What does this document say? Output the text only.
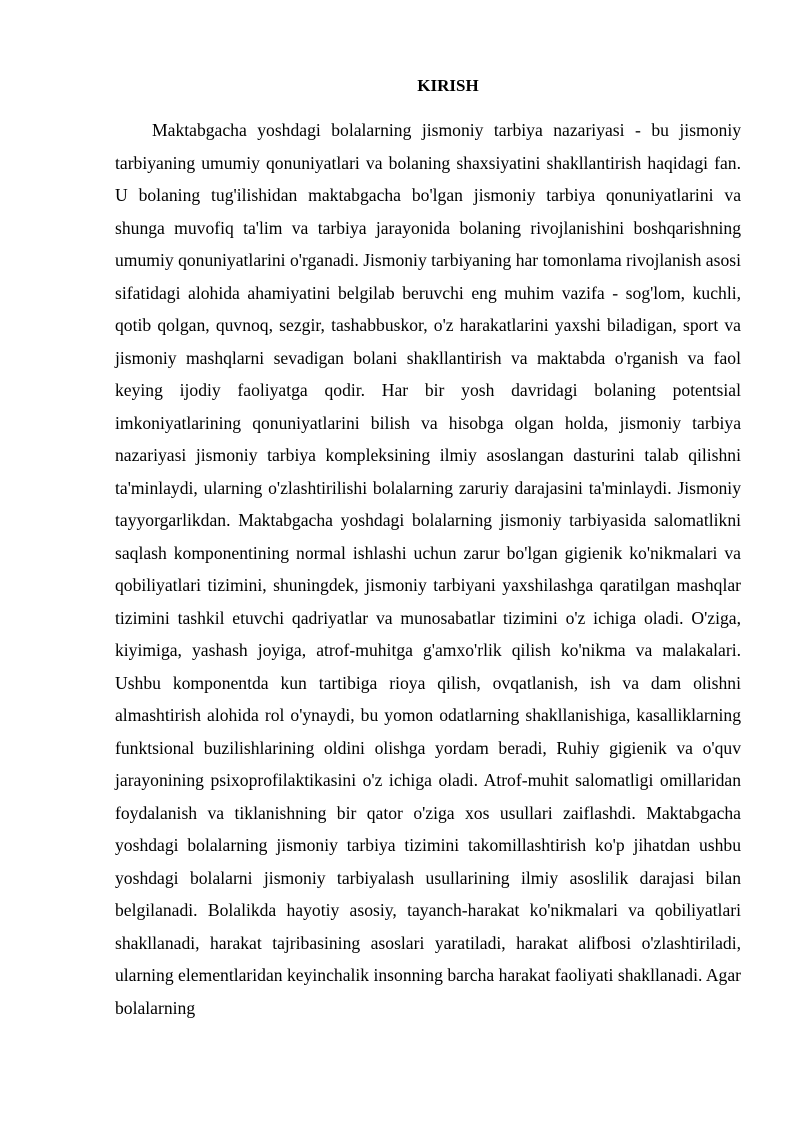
KIRISH

Maktabgacha yoshdagi bolalarning jismoniy tarbiya nazariyasi - bu jismoniy tarbiyaning umumiy qonuniyatlari va bolaning shaxsiyatini shakllantirish haqidagi fan. U bolaning tug'ilishidan maktabgacha bo'lgan jismoniy tarbiya qonuniyatlarini va shunga muvofiq ta'lim va tarbiya jarayonida bolaning rivojlanishini boshqarishning umumiy qonuniyatlarini o'rganadi. Jismoniy tarbiyaning har tomonlama rivojlanish asosi sifatidagi alohida ahamiyatini belgilab beruvchi eng muhim vazifa - sog'lom, kuchli, qotib qolgan, quvnoq, sezgir, tashabbuskor, o'z harakatlarini yaxshi biladigan, sport va jismoniy mashqlarni sevadigan bolani shakllantirish va maktabda o'rganish va faol keying ijodiy faoliyatga qodir. Har bir yosh davridagi bolaning potentsial imkoniyatlarining qonuniyatlarini bilish va hisobga olgan holda, jismoniy tarbiya nazariyasi jismoniy tarbiya kompleksining ilmiy asoslangan dasturini talab qilishni ta'minlaydi, ularning o'zlashtirilishi bolalarning zaruriy darajasini ta'minlaydi. Jismoniy tayyorgarlikdan. Maktabgacha yoshdagi bolalarning jismoniy tarbiyasida salomatlikni saqlash komponentining normal ishlashi uchun zarur bo'lgan gigienik ko'nikmalari va qobiliyatlari tizimini, shuningdek, jismoniy tarbiyani yaxshilashga qaratilgan mashqlar tizimini tashkil etuvchi qadriyatlar va munosabatlar tizimini o'z ichiga oladi. O'ziga, kiyimiga, yashash joyiga, atrof-muhitga g'amxo'rlik qilish ko'nikma va malakalari. Ushbu komponentda kun tartibiga rioya qilish, ovqatlanish, ish va dam olishni almashtirish alohida rol o'ynaydi, bu yomon odatlarning shakllanishiga, kasalliklarning funktsional buzilishlarining oldini olishga yordam beradi, Ruhiy gigienik va o'quv jarayonining psixoprofilaktikasini o'z ichiga oladi. Atrof-muhit salomatligi omillaridan foydalanish va tiklanishning bir qator o'ziga xos usullari zaiflashdi. Maktabgacha yoshdagi bolalarning jismoniy tarbiya tizimini takomillashtirish ko'p jihatdan ushbu yoshdagi bolalarni jismoniy tarbiyalash usullarining ilmiy asoslilik darajasi bilan belgilanadi. Bolalikda hayotiy asosiy, tayanch-harakat ko'nikmalari va qobiliyatlari shakllanadi, harakat tajribasining asoslari yaratiladi, harakat alifbosi o'zlashtiriladi, ularning elementlaridan keyinchalik insonning barcha harakat faoliyati shakllanadi. Agar bolalarning
